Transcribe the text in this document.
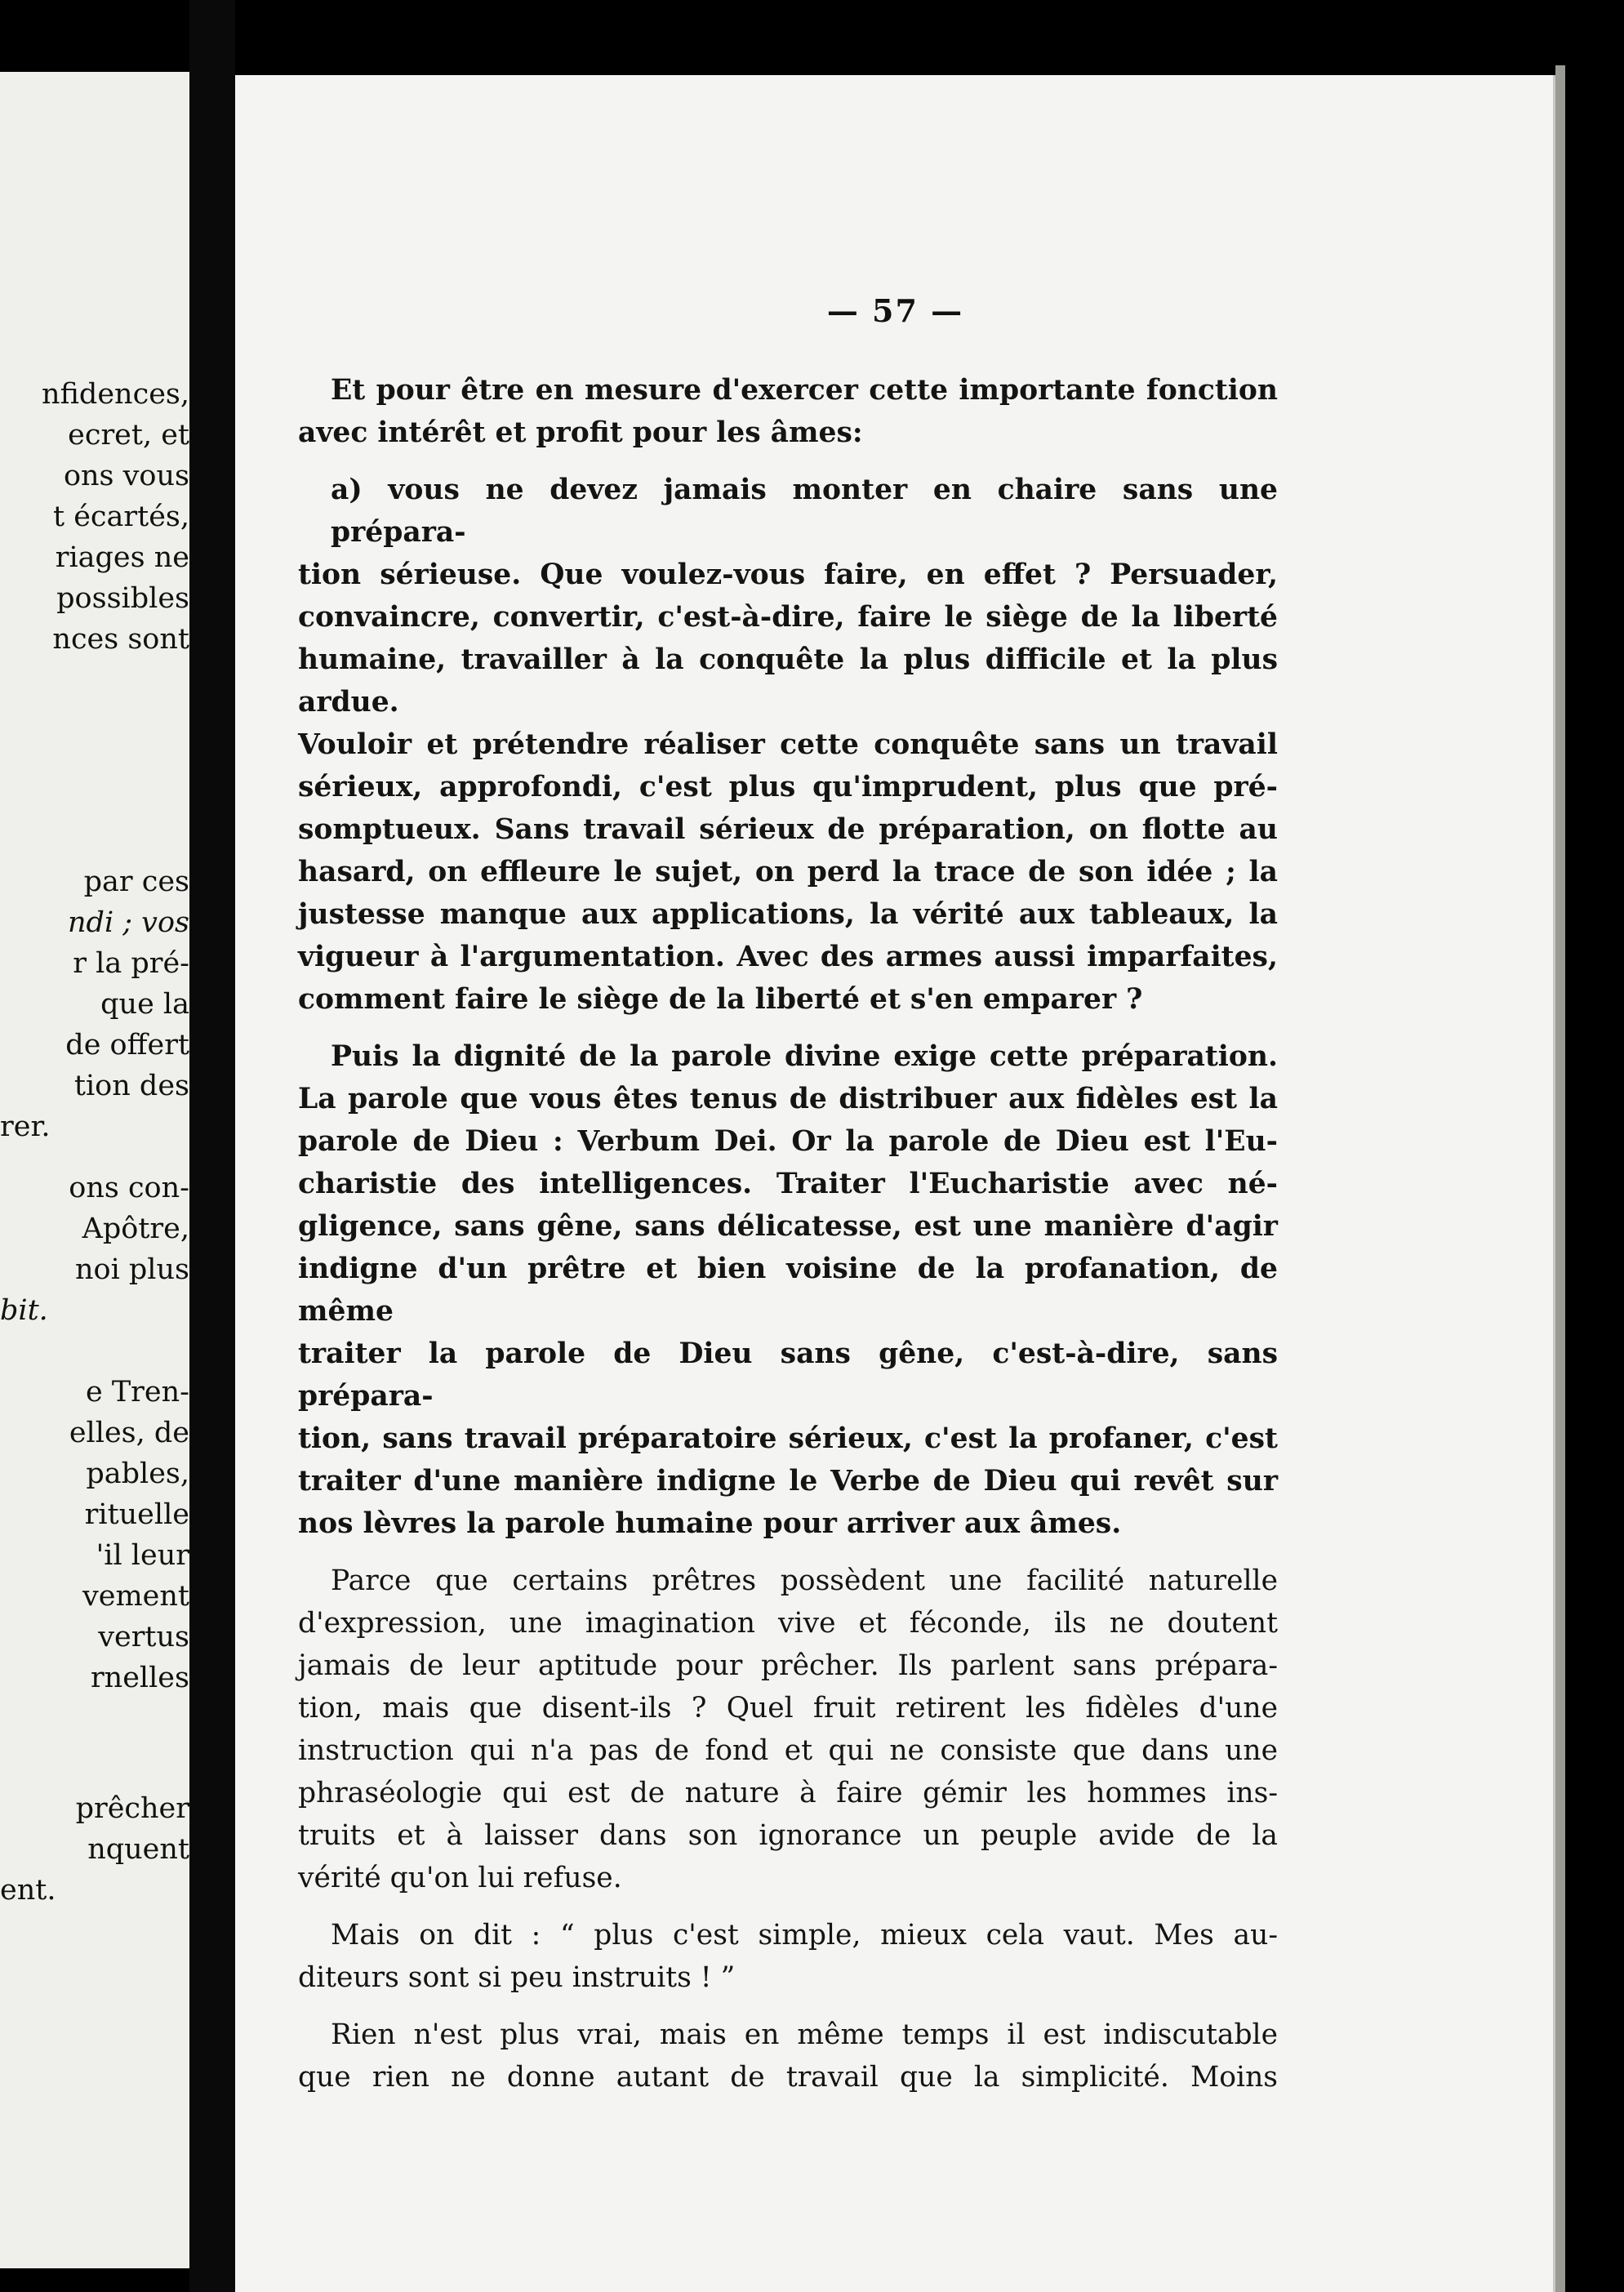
nfidences,
ecret, et
ons vous
t écartés,
riages ne
possibles
nces sont
par ces
ndi ; vos
r la pré-
que la
de offert
tion des
rer.
ons con-
Apôtre,
noi plus
bit.
e Tren-
elles, de
pables,
rituelle
'il leur
vement
vertus
rnelles
prêcher
nquent
ent.
— 57 —
Et pour être en mesure d'exercer cette importante fonction
avec intérêt et profit pour les âmes:
a) vous ne devez jamais monter en chaire sans une prépara-
tion sérieuse. Que voulez-vous faire, en effet ? Persuader,
convaincre, convertir, c'est-à-dire, faire le siège de la liberté
humaine, travailler à la conquête la plus difficile et la plus ardue.
Vouloir et prétendre réaliser cette conquête sans un travail
sérieux, approfondi, c'est plus qu'imprudent, plus que pré-
somptueux. Sans travail sérieux de préparation, on flotte au
hasard, on effleure le sujet, on perd la trace de son idée ; la
justesse manque aux applications, la vérité aux tableaux, la
vigueur à l'argumentation. Avec des armes aussi imparfaites,
comment faire le siège de la liberté et s'en emparer ?
Puis la dignité de la parole divine exige cette préparation.
La parole que vous êtes tenus de distribuer aux fidèles est la
parole de Dieu : Verbum Dei. Or la parole de Dieu est l'Eu-
charistie des intelligences. Traiter l'Eucharistie avec né-
gligence, sans gêne, sans délicatesse, est une manière d'agir
indigne d'un prêtre et bien voisine de la profanation, de même
traiter la parole de Dieu sans gêne, c'est-à-dire, sans prépara-
tion, sans travail préparatoire sérieux, c'est la profaner, c'est
traiter d'une manière indigne le Verbe de Dieu qui revêt sur
nos lèvres la parole humaine pour arriver aux âmes.
Parce que certains prêtres possèdent une facilité naturelle
d'expression, une imagination vive et féconde, ils ne doutent
jamais de leur aptitude pour prêcher. Ils parlent sans prépara-
tion, mais que disent-ils ? Quel fruit retirent les fidèles d'une
instruction qui n'a pas de fond et qui ne consiste que dans une
phraséologie qui est de nature à faire gémir les hommes ins-
truits et à laisser dans son ignorance un peuple avide de la
vérité qu'on lui refuse.
Mais on dit : “ plus c'est simple, mieux cela vaut. Mes au-
diteurs sont si peu instruits ! ”
Rien n'est plus vrai, mais en même temps il est indiscutable
que rien ne donne autant de travail que la simplicité. Moins
